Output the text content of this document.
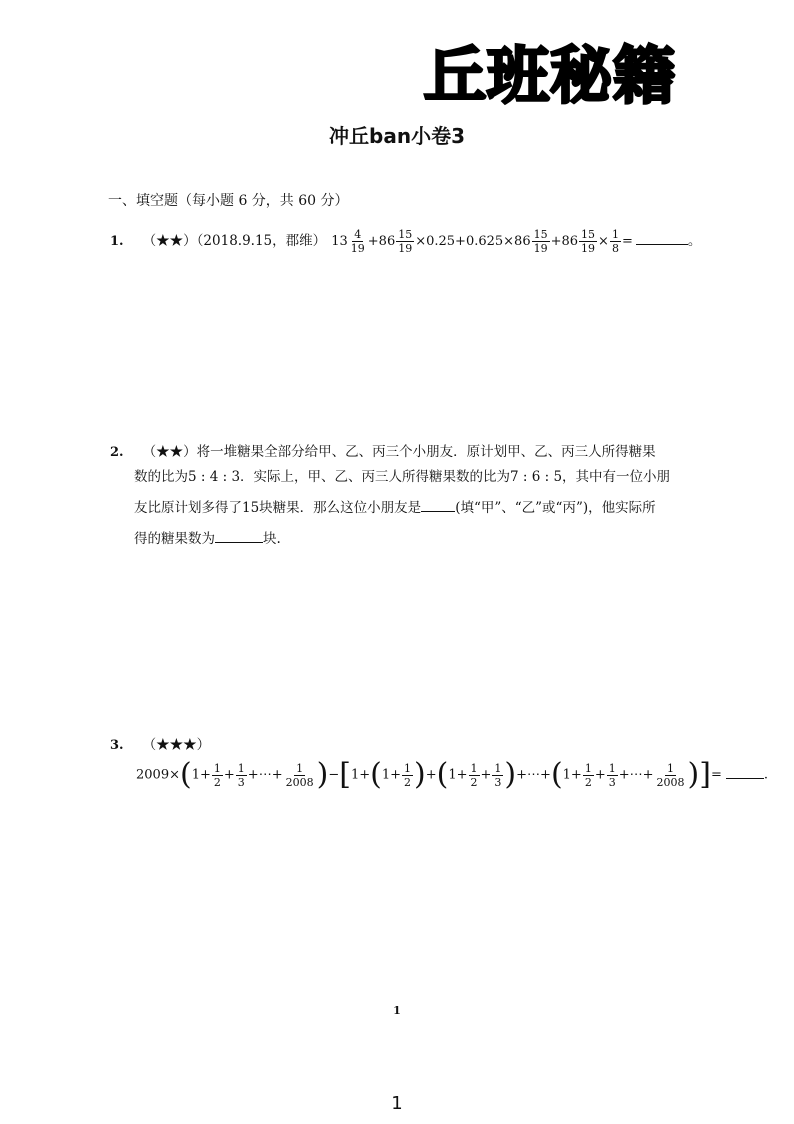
丘班秘籍
冲丘ban小卷3
一、填空题（每小题 6 分，共 60 分）
1. （★★）（2018.9.15，郡维） $13 \frac{4}{19} +86 \frac{15}{19} \times 0.25+0.625\times 86 \frac{15}{19} +86 \frac{15}{19} \times \frac{1}{8}$ =	。
2. （★★）将一堆糖果全部分给甲、乙、丙三个小朋友．原计划甲、乙、丙三人所得糖果
数的比为5 : 4 : 3．实际上，甲、乙、丙三人所得糖果数的比为7 : 6 : 5，其中有一位小朋
友比原计划多得了15块糖果．那么这位小朋友是	(填“甲”、“乙”或“丙”)，他实际所
得的糖果数为	块.
3. （★★★）
$2009\times(1+ \frac{1}{2} + \frac{1}{3}$ +⋯+ $\frac{1}{2008} )-[1+(1+ \frac{1}{2} )+(1+ \frac{1}{2} + \frac{1}{3}$ )+⋯+(1+ $\frac{1}{2} + \frac{1}{3}$ +⋯+ $\frac{1}{2008}$ )]=	.
1
1
